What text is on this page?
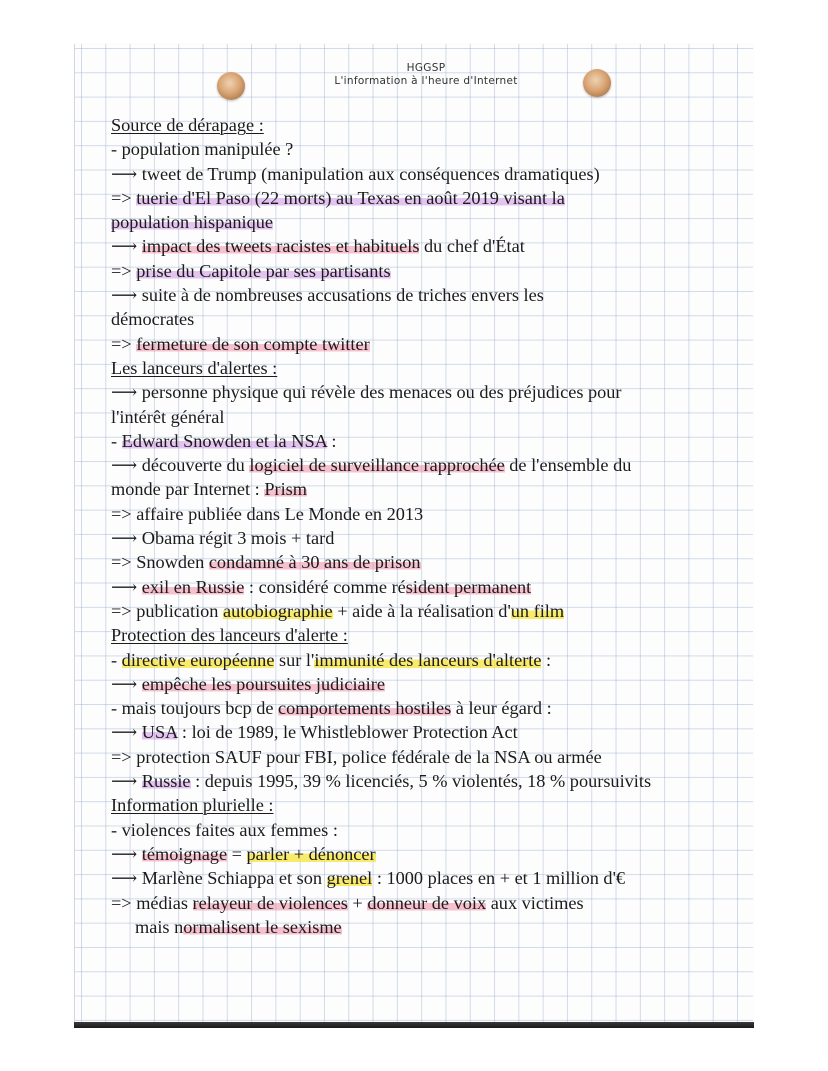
HGGSP
L'information à l'heure d'Internet
Source de dérapage :
- population manipulée ?
⟶ tweet de Trump (manipulation aux conséquences dramatiques)
=> tuerie d'El Paso (22 morts) au Texas en août 2019 visant la
population hispanique
⟶ impact des tweets racistes et habituels du chef d'État
=> prise du Capitole par ses partisants
⟶ suite à de nombreuses accusations de triches envers les
démocrates
=> fermeture de son compte twitter
Les lanceurs d'alertes :
⟶ personne physique qui révèle des menaces ou des préjudices pour
l'intérêt général
- Edward Snowden et la NSA :
⟶ découverte du logiciel de surveillance rapprochée de l'ensemble du
monde par Internet : Prism
=> affaire publiée dans Le Monde en 2013
⟶ Obama régit 3 mois + tard
=> Snowden condamné à 30 ans de prison
⟶ exil en Russie : considéré comme résident permanent
=> publication autobiographie + aide à la réalisation d'un film
Protection des lanceurs d'alerte :
- directive européenne sur l'immunité des lanceurs d'alterte :
⟶ empêche les poursuites judiciaire
- mais toujours bcp de comportements hostiles à leur égard :
⟶ USA : loi de 1989, le Whistleblower Protection Act
=> protection SAUF pour FBI, police fédérale de la NSA ou armée
⟶ Russie : depuis 1995, 39 % licenciés, 5 % violentés, 18 % poursuivits
Information plurielle :
- violences faites aux femmes :
⟶ témoignage = parler + dénoncer
⟶ Marlène Schiappa et son grenel : 1000 places en + et 1 million d'€
=> médias relayeur de violences + donneur de voix aux victimes
mais normalisent le sexisme
